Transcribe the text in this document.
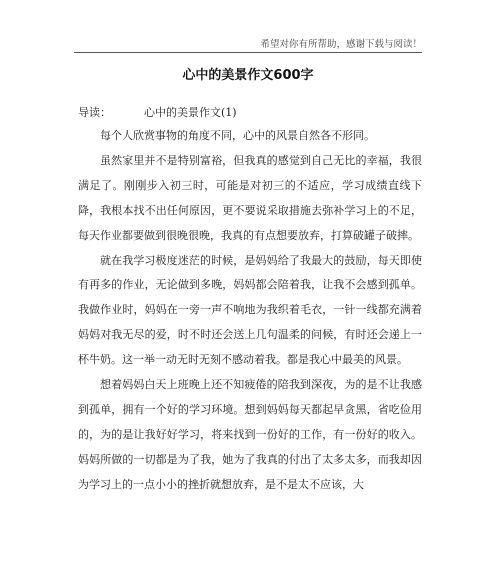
希望对你有所帮助，感谢下载与阅读！
心中的美景作文600字
导读：	心中的美景作文(1)

每个人欣赏事物的角度不同，心中的风景自然各不形同。

虽然家里并不是特别富裕，但我真的感觉到自己无比的幸福，我很满足了。刚刚步入初三时，可能是对初三的不适应，学习成绩直线下降，我根本找不出任何原因，更不要说采取措施去弥补学习上的不足，每天作业都要做到很晚很晚，我真的有点想要放弃，打算破罐子破摔。

就在我学习极度迷茫的时候，是妈妈给了我最大的鼓励，每天即使有再多的作业，无论做到多晚，妈妈都会陪着我，让我不会感到孤单。我做作业时，妈妈在一旁一声不响地为我织着毛衣，一针一线都充满着妈妈对我无尽的爱，时不时还会送上几句温柔的问候，有时还会递上一杯牛奶。这一举一动无时无刻不感动着我。都是我心中最美的风景。

想着妈妈白天上班晚上还不知疲倦的陪我到深夜，为的是不让我感到孤单，拥有一个好的学习环境。想到妈妈每天都起早贪黑，省吃俭用的，为的是让我好好学习，将来找到一份好的工作，有一份好的收入。妈妈所做的一切都是为了我，她为了我真的付出了太多太多，而我却因为学习上的一点小小的挫折就想放弃，是不是太不应该，大
